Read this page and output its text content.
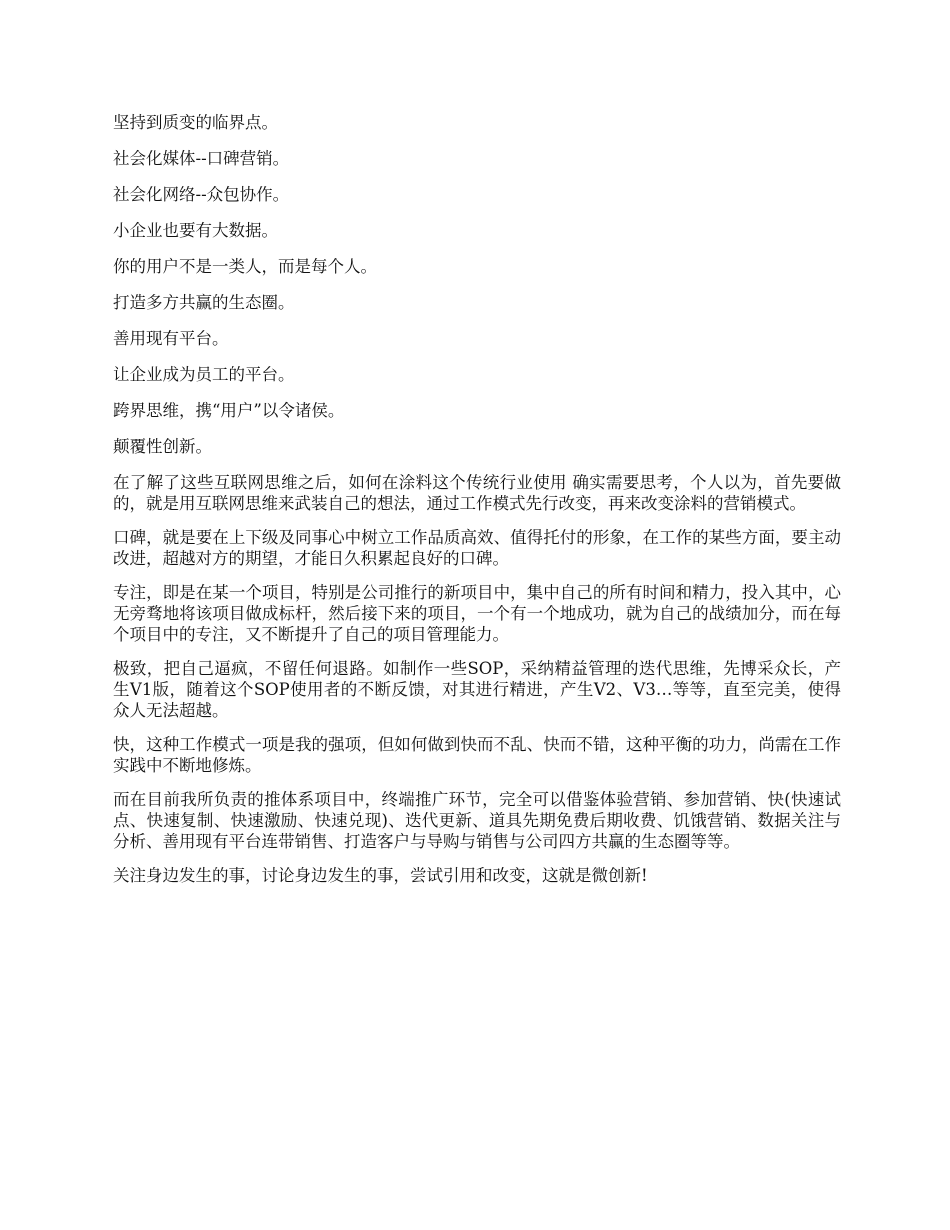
坚持到质变的临界点。

社会化媒体--口碑营销。

社会化网络--众包协作。

小企业也要有大数据。

你的用户不是一类人，而是每个人。

打造多方共赢的生态圈。

善用现有平台。

让企业成为员工的平台。

跨界思维，携“用户”以令诸侯。

颠覆性创新。

在了解了这些互联网思维之后，如何在涂料这个传统行业使用 确实需要思考，个人以为，首先要做的，就是用互联网思维来武装自己的想法，通过工作模式先行改变，再来改变涂料的营销模式。

口碑，就是要在上下级及同事心中树立工作品质高效、值得托付的形象，在工作的某些方面，要主动改进，超越对方的期望，才能日久积累起良好的口碑。

专注，即是在某一个项目，特别是公司推行的新项目中，集中自己的所有时间和精力，投入其中，心无旁骛地将该项目做成标杆，然后接下来的项目，一个有一个地成功，就为自己的战绩加分，而在每个项目中的专注，又不断提升了自己的项目管理能力。

极致，把自己逼疯，不留任何退路。如制作一些SOP，采纳精益管理的迭代思维，先博采众长，产生V1版，随着这个SOP使用者的不断反馈，对其进行精进，产生V2、V3…等等，直至完美，使得众人无法超越。

快，这种工作模式一项是我的强项，但如何做到快而不乱、快而不错，这种平衡的功力，尚需在工作实践中不断地修炼。

而在目前我所负责的推体系项目中，终端推广环节，完全可以借鉴体验营销、参加营销、快(快速试点、快速复制、快速激励、快速兑现)、迭代更新、道具先期免费后期收费、饥饿营销、数据关注与分析、善用现有平台连带销售、打造客户与导购与销售与公司四方共赢的生态圈等等。

关注身边发生的事，讨论身边发生的事，尝试引用和改变，这就是微创新!
